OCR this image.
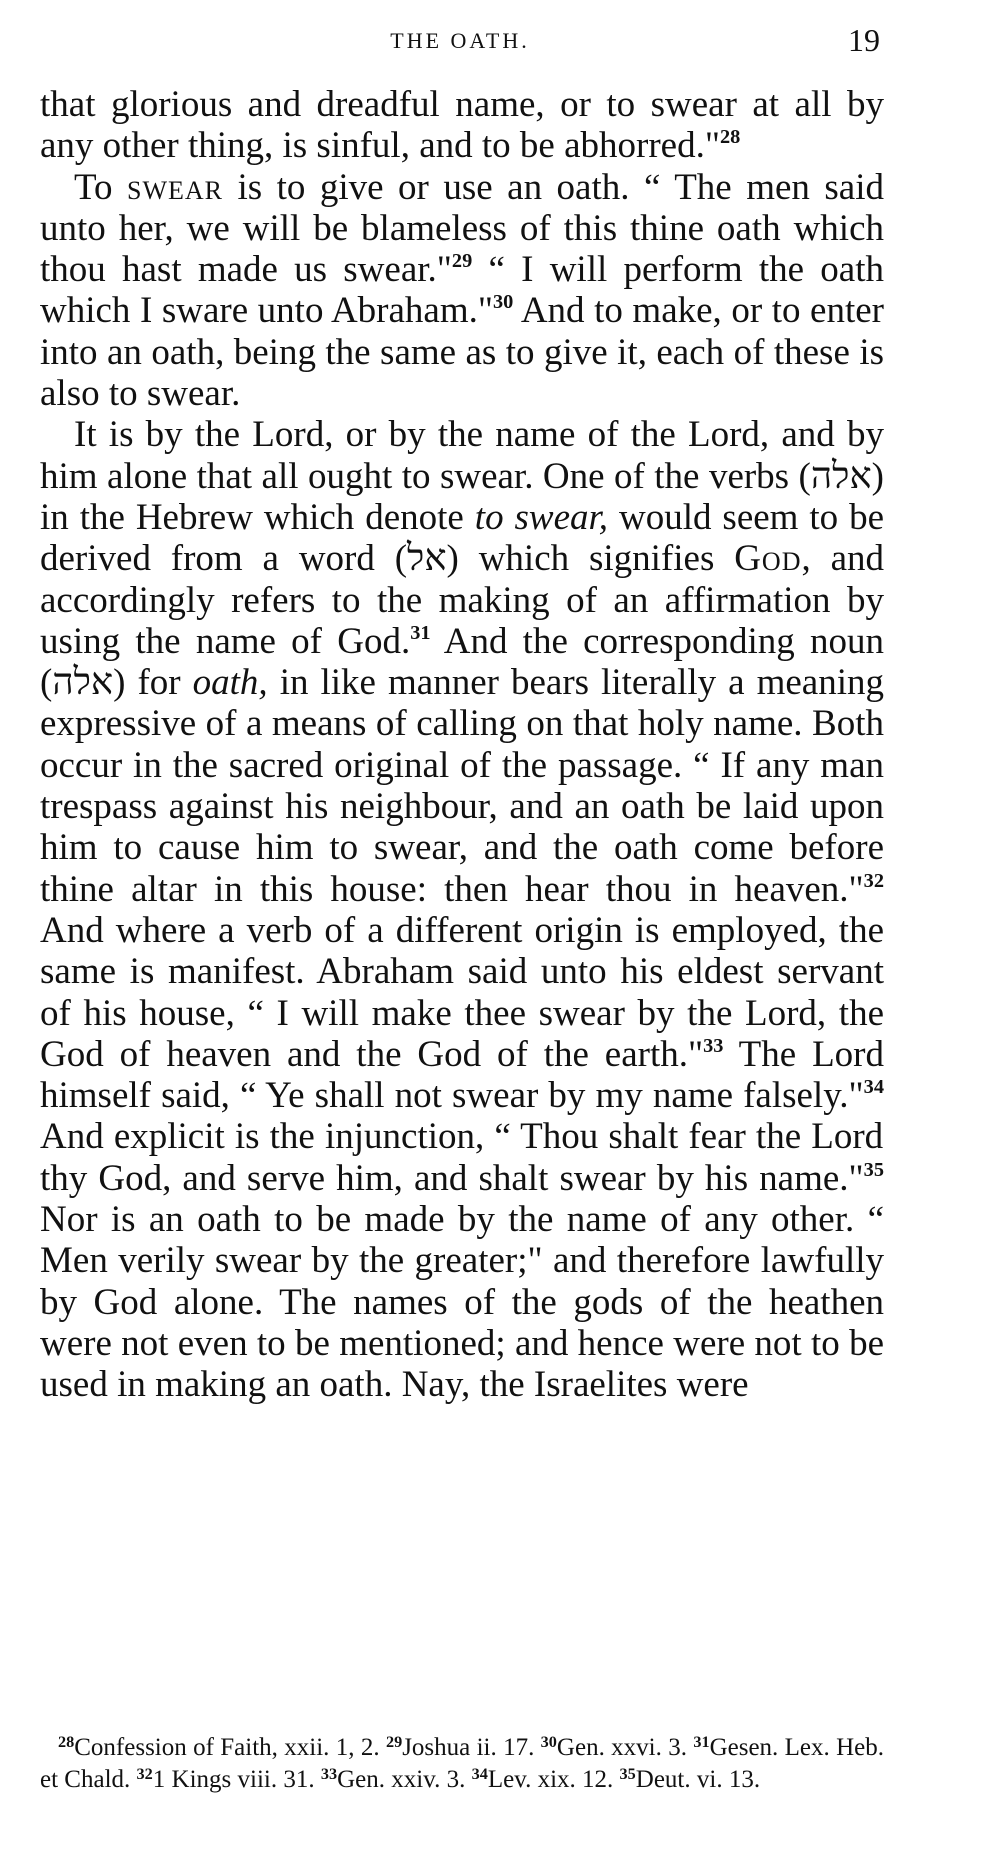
THE OATH.	19

that glorious and dreadful name, or to swear at all by any other thing, is sinful, and to be abhorred."$^{28}$

To swear is to give or use an oath. “ The men said unto her, we will be blameless of this thine oath which thou hast made us swear."$^{29}$ “ I will perform the oath which I sware unto Abraham."$^{30}$ And to make, or to enter into an oath, being the same as to give it, each of these is also to swear.

It is by the Lord, or by the name of the Lord, and by him alone that all ought to swear. One of the verbs (אלה) in the Hebrew which denote to swear, would seem to be derived from a word (אל) which signifies God, and accordingly refers to the making of an affirmation by using the name of God.$^{31}$ And the corresponding noun (אלה) for oath, in like manner bears literally a meaning expressive of a means of calling on that holy name. Both occur in the sacred original of the passage. “ If any man trespass against his neighbour, and an oath be laid upon him to cause him to swear, and the oath come before thine altar in this house: then hear thou in heaven."$^{32}$ And where a verb of a different origin is employed, the same is manifest. Abraham said unto his eldest servant of his house, “ I will make thee swear by the Lord, the God of heaven and the God of the earth."$^{33}$ The Lord himself said, “ Ye shall not swear by my name falsely."$^{34}$ And explicit is the injunction, “ Thou shalt fear the Lord thy God, and serve him, and shalt swear by his name."$^{35}$ Nor is an oath to be made by the name of any other. “ Men verily swear by the greater;" and therefore lawfully by God alone. The names of the gods of the heathen were not even to be mentioned; and hence were not to be used in making an oath. Nay, the Israelites were

$^{28}$Confession of Faith, xxii. 1, 2. $^{29}$Joshua ii. 17. $^{30}$Gen. xxvi. 3. $^{31}$Gesen. Lex. Heb. et Chald. $^{32}$1 Kings viii. 31. $^{33}$Gen. xxiv. 3. $^{34}$Lev. xix. 12. $^{35}$Deut. vi. 13.
